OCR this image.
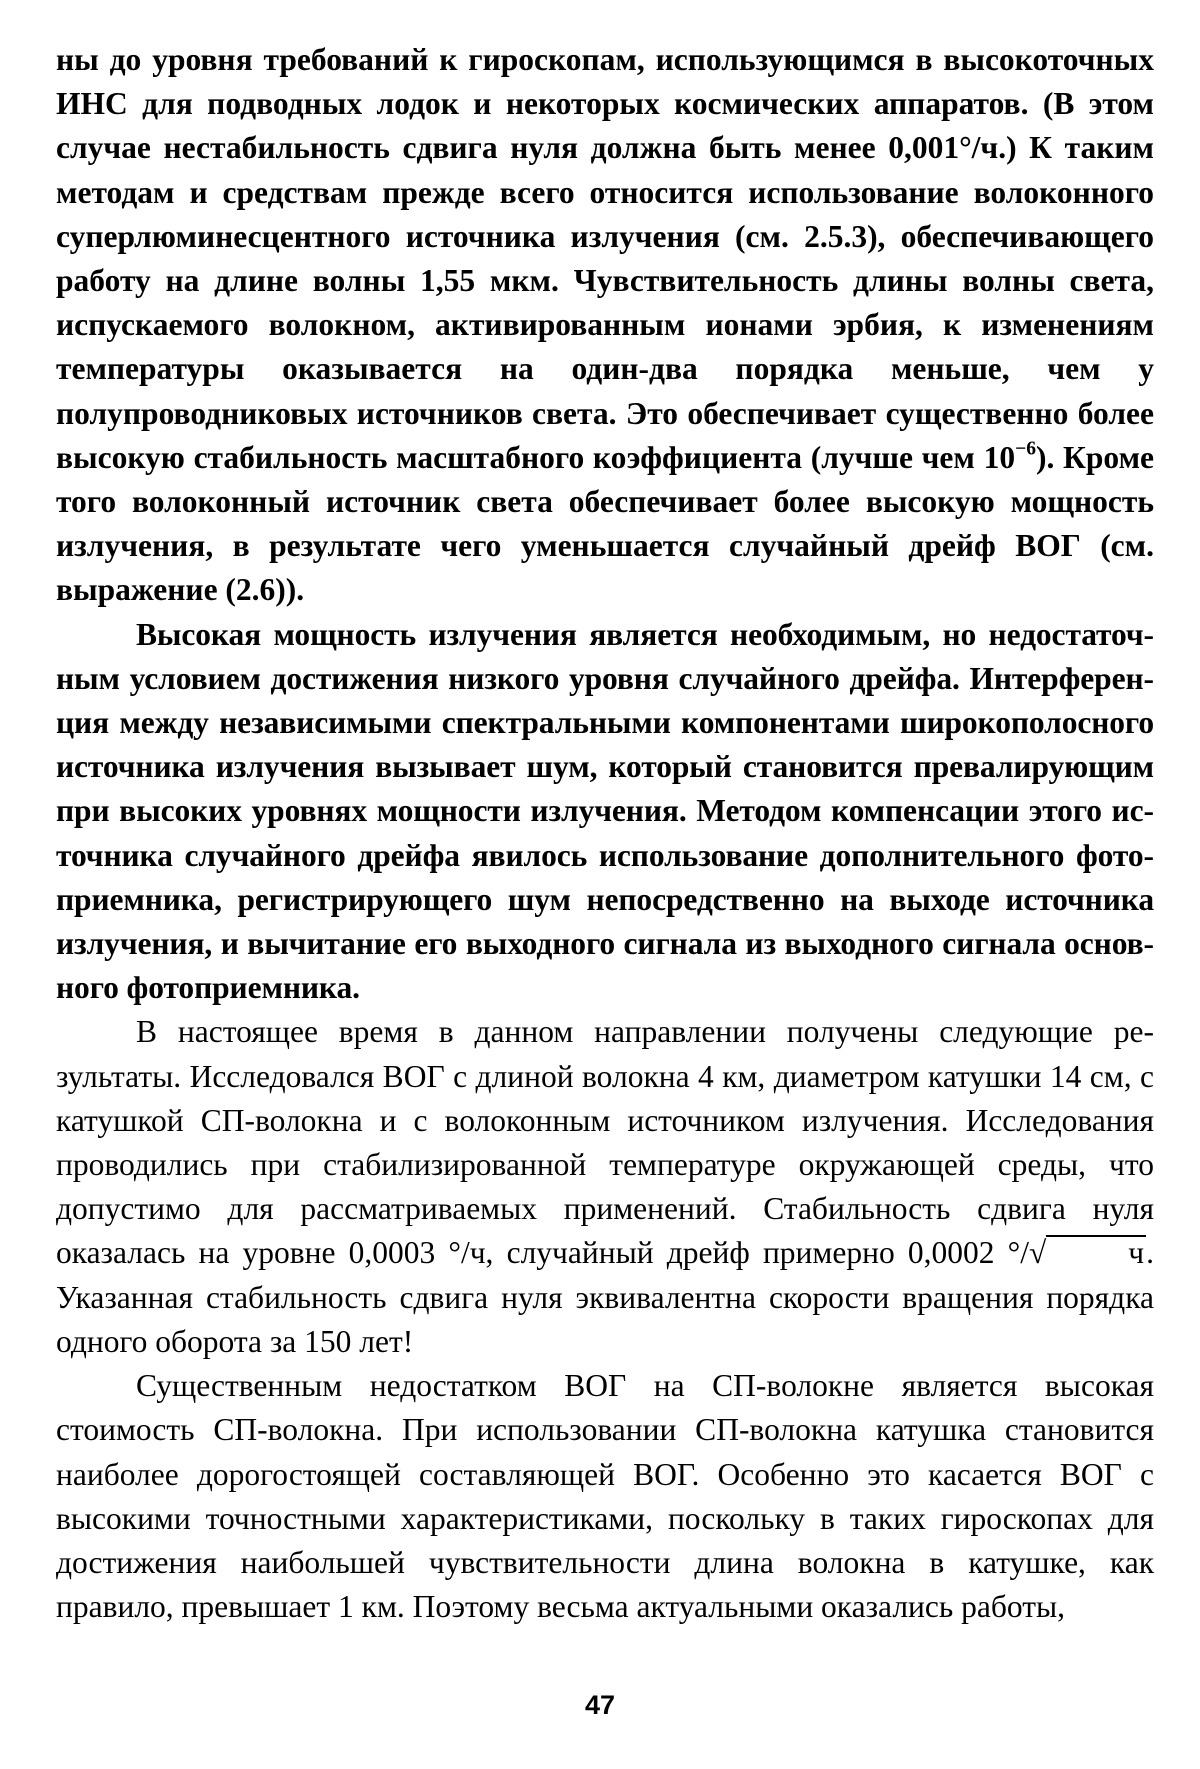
ны до уровня требований к гироскопам, использующимся в высокоточных ИНС для подводных лодок и некоторых космических аппаратов. (В этом случае нестабильность сдвига нуля должна быть менее 0,001°/ч.) К таким методам и средствам прежде всего относится использование волоконного суперлюминесцентного источника излучения (см. 2.5.3), обеспечивающего работу на длине волны 1,55 мкм. Чувствительность длины волны света, испускаемого волокном, активированным ионами эрбия, к изменениям температуры оказывается на один-два порядка меньше, чем у полупроводниковых источников света. Это обеспечивает существенно более высокую стабильность масштабного коэффициента (лучше чем $10^{-6}$). Кроме того волоконный источник света обеспечивает более высокую мощность излучения, в результате чего уменьшается случайный дрейф ВОГ (см. выражение (2.6)).

Высокая мощность излучения является необходимым, но недостаточным условием достижения низкого уровня случайного дрейфа. Интерференция между независимыми спектральными компонентами широкополосного источника излучения вызывает шум, который становится превалирующим при высоких уровнях мощности излучения. Методом компенсации этого источника случайного дрейфа явилось использование дополнительного фотоприемника, регистрирующего шум непосредственно на выходе источника излучения, и вычитание его выходного сигнала из выходного сигнала основного фотоприемника.

В настоящее время в данном направлении получены следующие результаты. Исследовался ВОГ с длиной волокна 4 км, диаметром катушки 14 см, с катушкой СП-волокна и с волоконным источником излучения. Исследования проводились при стабилизированной температуре окружающей среды, что допустимо для рассматриваемых применений. Стабильность сдвига нуля оказалась на уровне 0,0003 °/ч, случайный дрейф примерно 0,0002 °/√	ч. Указанная стабильность сдвига нуля эквивалентна скорости вращения порядка одного оборота за 150 лет!

Существенным недостатком ВОГ на СП-волокне является высокая стоимость СП-волокна. При использовании СП-волокна катушка становится наиболее дорогостоящей составляющей ВОГ. Особенно это касается ВОГ с высокими точностными характеристиками, поскольку в таких гироскопах для достижения наибольшей чувствительности длина волокна в катушке, как правило, превышает 1 км. Поэтому весьма актуальными оказались работы,

47
